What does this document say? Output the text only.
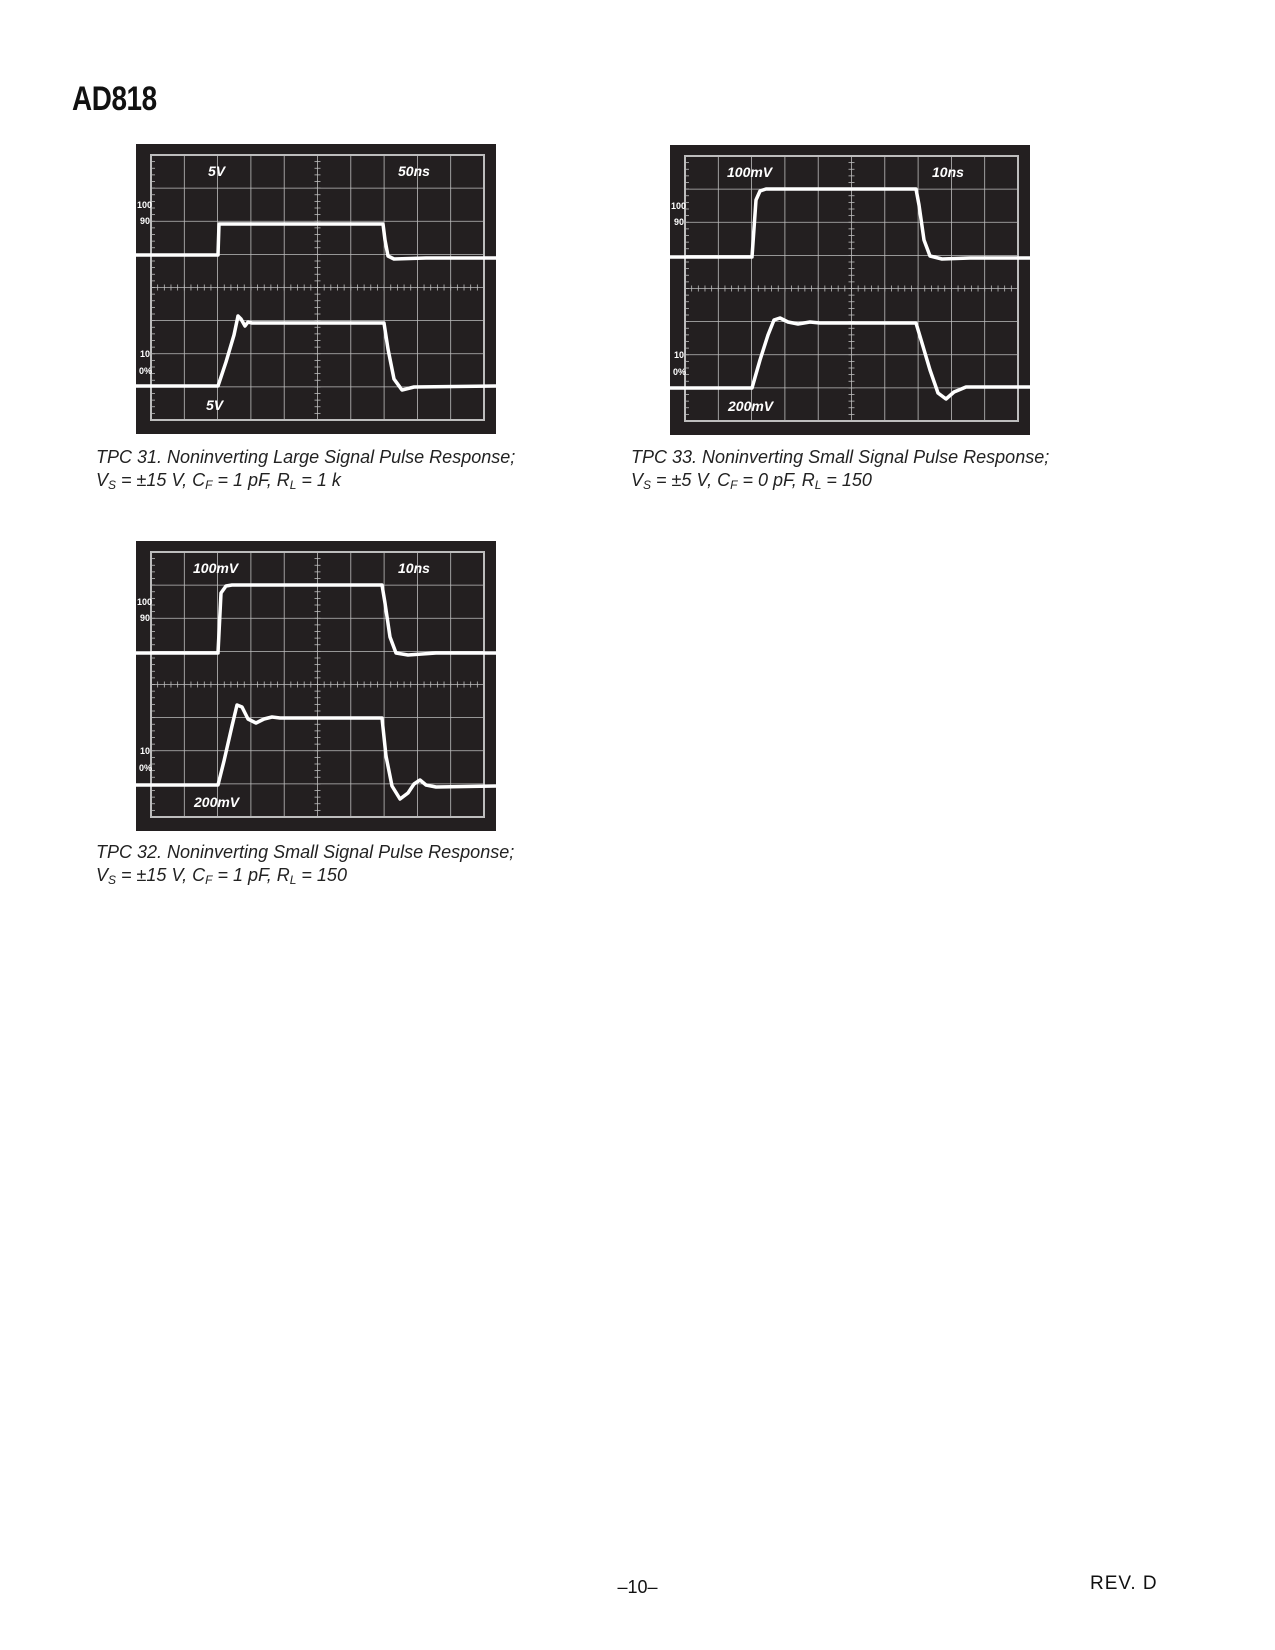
AD818
5V	50ns
5V
100
90
10
0%
TPC 31. Noninverting Large Signal Pulse Response;
$V_S = \pm 15$ V, $C_F = 1$ pF, $R_L = 1$ k
100mV	10ns
200mV
100
90
10
0%
TPC 33. Noninverting Small Signal Pulse Response;
$V_S = \pm 5$ V, $C_F = 0$ pF, $R_L = 150$
100mV	10ns
200mV
100
90
10
0%
TPC 32. Noninverting Small Signal Pulse Response;
$V_S = \pm 15$ V, $C_F = 1$ pF, $R_L = 150$
–10–	REV. D
